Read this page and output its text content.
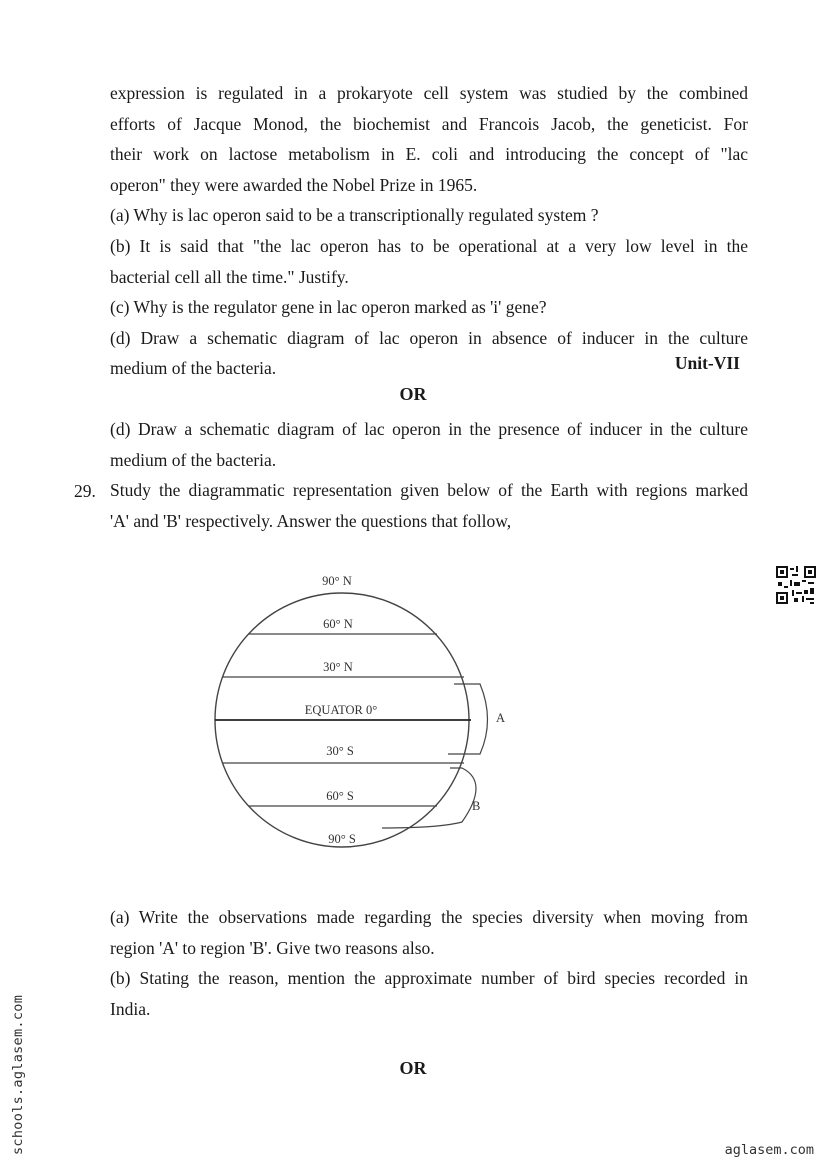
expression is regulated in a prokaryote cell system was studied by the combined
efforts of Jacque Monod, the biochemist and Francois Jacob, the geneticist. For
their work on lactose metabolism in E. coli and introducing the concept of "lac
operon" they were awarded the Nobel Prize in 1965.
(a) Why is lac operon said to be a transcriptionally regulated system ?
(b) It is said that "the lac operon has to be operational at a very low level in the
bacterial cell all the time." Justify.
(c) Why is the regulator gene in lac operon marked as 'i' gene?
(d) Draw a schematic diagram of lac operon in absence of inducer in the culture
medium of the bacteria.	Unit-VII
OR
(d) Draw a schematic diagram of lac operon in the presence of inducer in the culture
medium of the bacteria.
29. Study the diagrammatic representation given below of the Earth with regions marked
'A' and 'B' respectively. Answer the questions that follow,
90° N
60° N
30° N
EQUATOR 0°
30° S
60° S
90° S
A
B
(a) Write the observations made regarding the species diversity when moving from
region 'A' to region 'B'. Give two reasons also.
(b) Stating the reason, mention the approximate number of bird species recorded in
India.
OR
schools.aglasem.com	aglasem.com
